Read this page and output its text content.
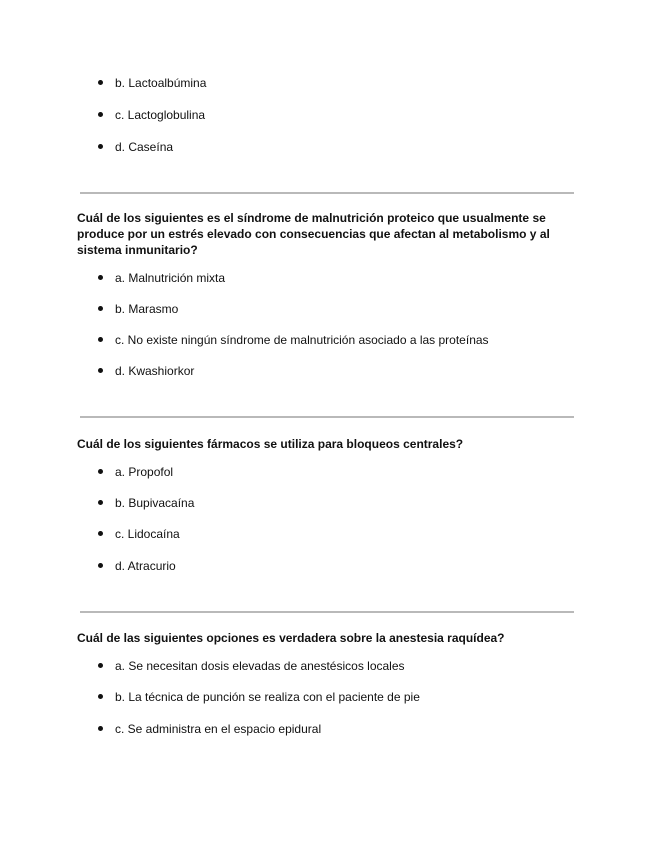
b. Lactoalbúmina
c. Lactoglobulina
d. Caseína
Cuál de los siguientes es el síndrome de malnutrición proteico que usualmente se produce por un estrés elevado con consecuencias que afectan al metabolismo y al sistema inmunitario?
a. Malnutrición mixta
b. Marasmo
c. No existe ningún síndrome de malnutrición asociado a las proteínas
d. Kwashiorkor
Cuál de los siguientes fármacos se utiliza para bloqueos centrales?
a. Propofol
b. Bupivacaína
c. Lidocaína
d. Atracurio
Cuál de las siguientes opciones es verdadera sobre la anestesia raquídea?
a. Se necesitan dosis elevadas de anestésicos locales
b. La técnica de punción se realiza con el paciente de pie
c. Se administra en el espacio epidural
